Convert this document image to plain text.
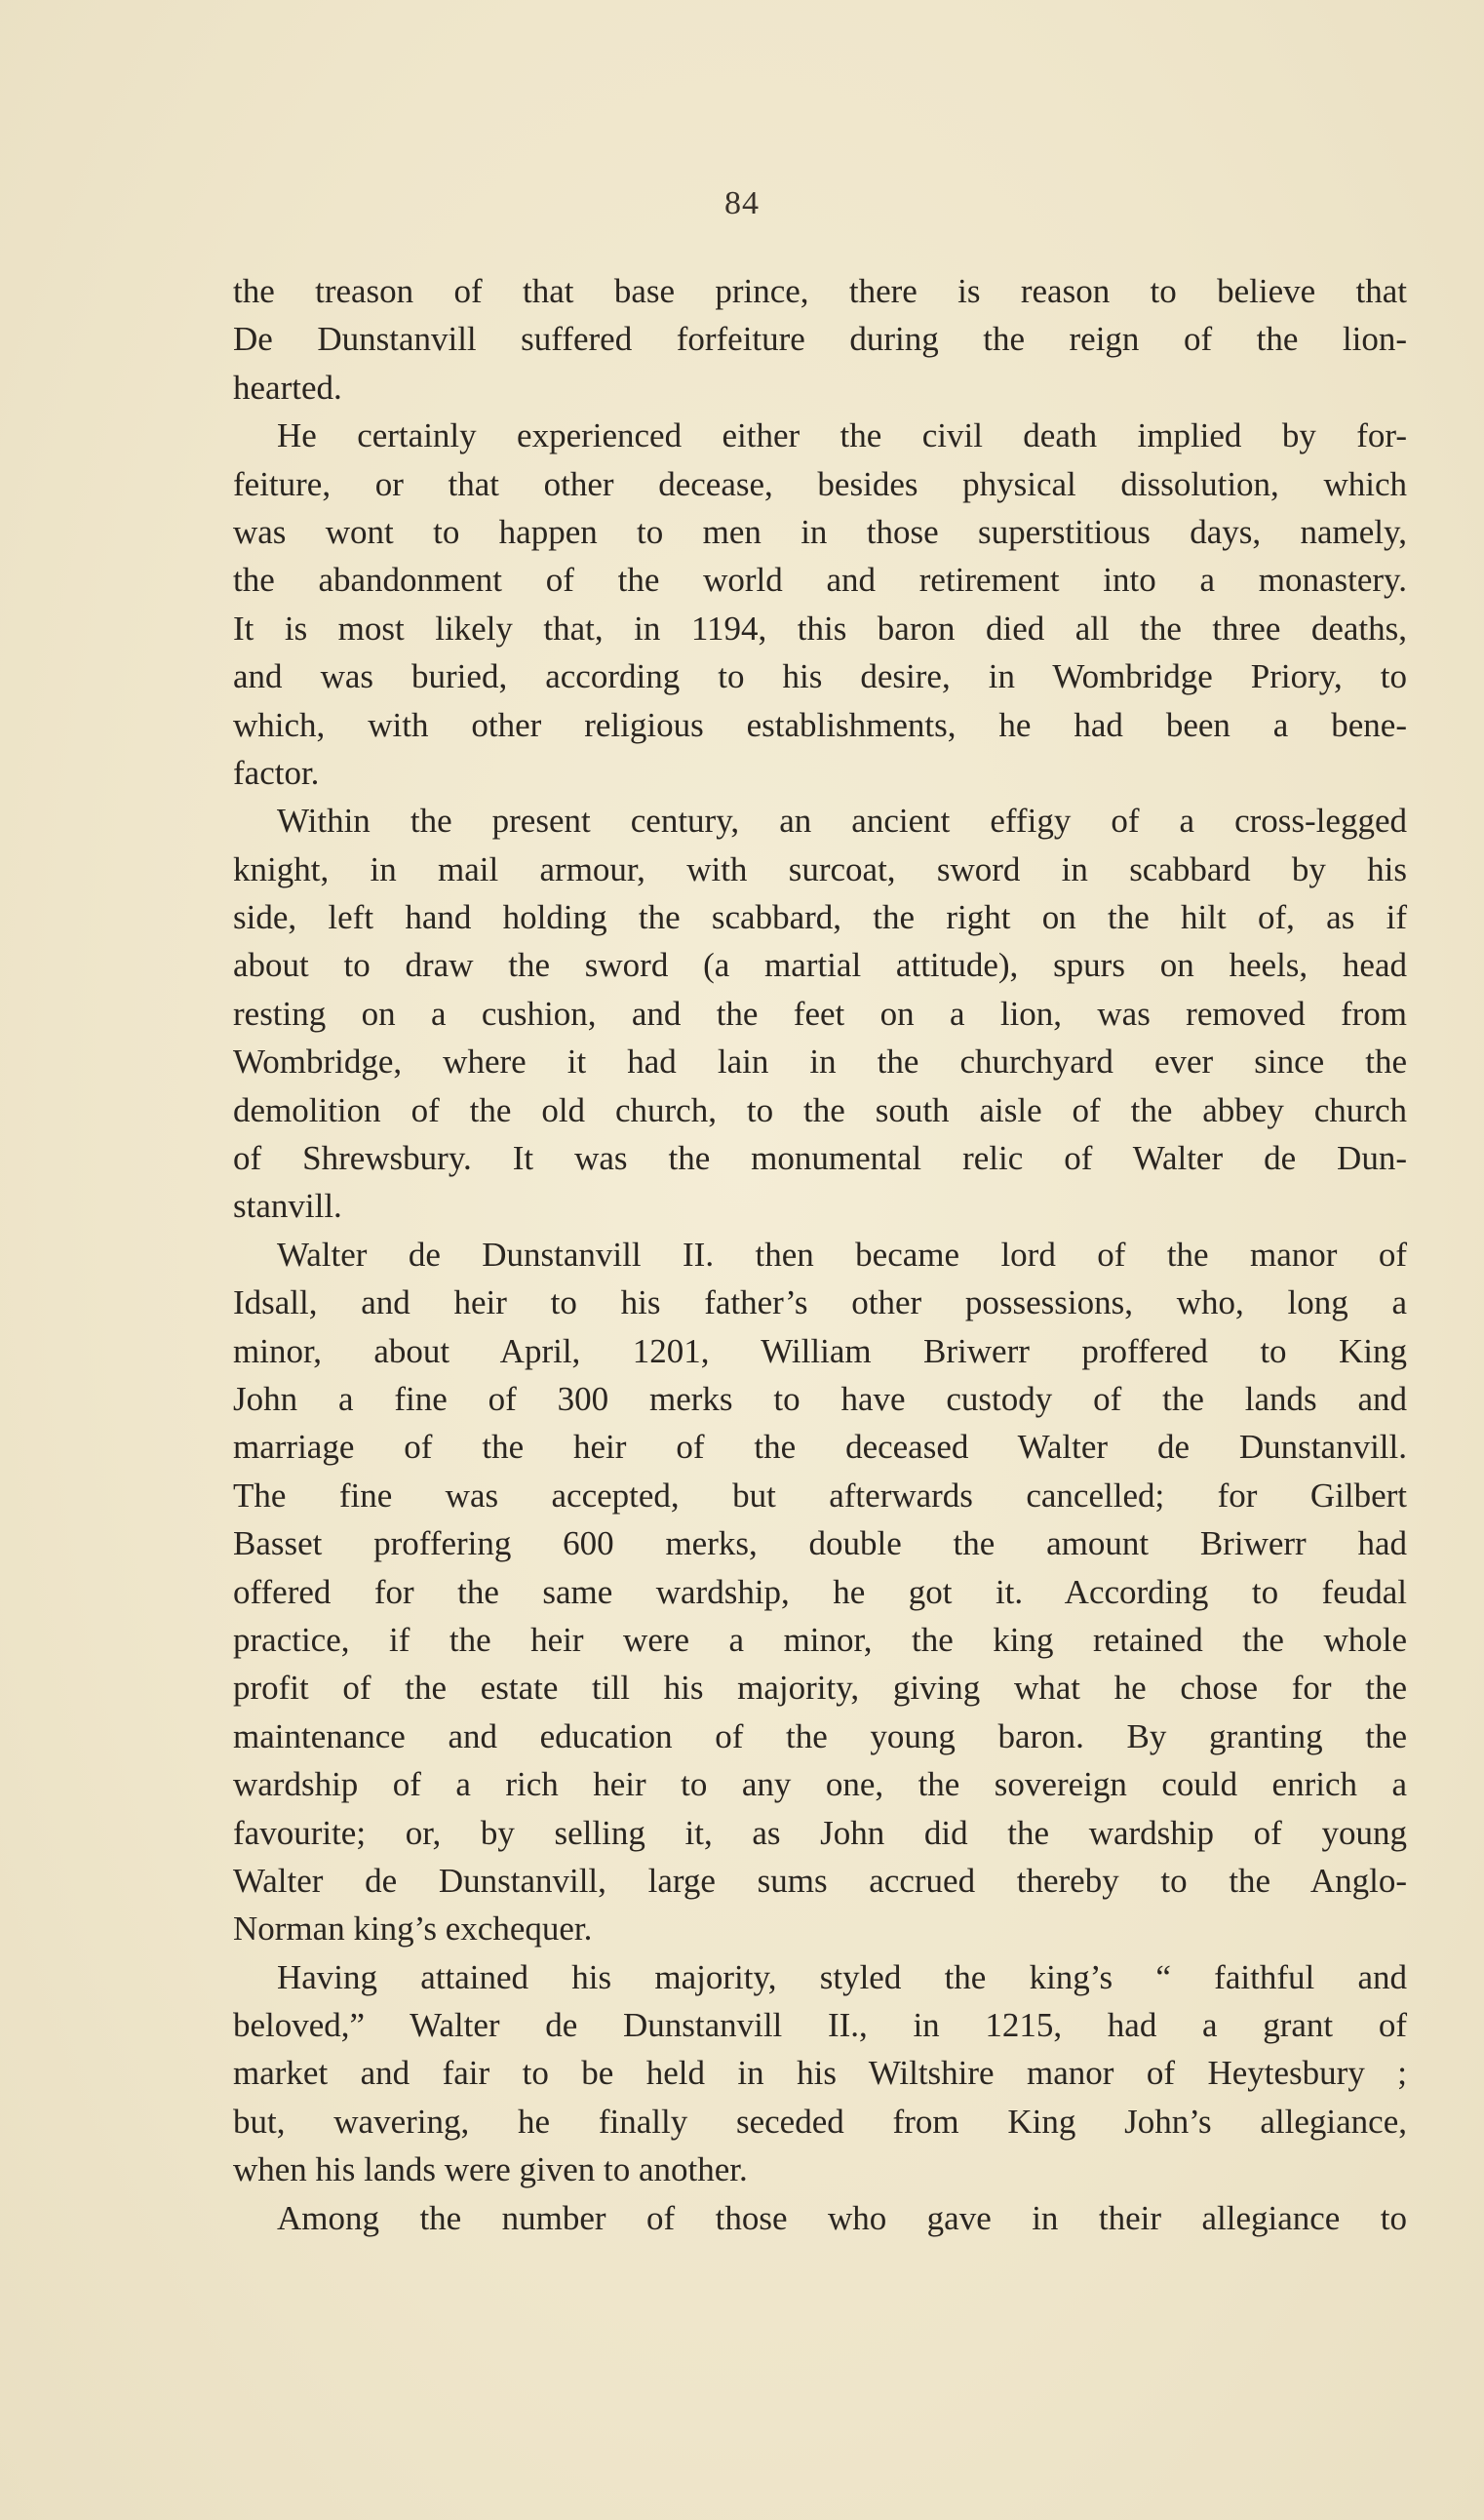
84
the treason of that base prince, there is reason to believe that
De Dunstanvill suffered forfeiture during the reign of the lion-
hearted.
He certainly experienced either the civil death implied by for-
feiture, or that other decease, besides physical dissolution, which
was wont to happen to men in those superstitious days, namely,
the abandonment of the world and retirement into a monastery.
It is most likely that, in 1194, this baron died all the three deaths,
and was buried, according to his desire, in Wombridge Priory, to
which, with other religious establishments, he had been a bene-
factor.
Within the present century, an ancient effigy of a cross-legged
knight, in mail armour, with surcoat, sword in scabbard by his
side, left hand holding the scabbard, the right on the hilt of, as if
about to draw the sword (a martial attitude), spurs on heels, head
resting on a cushion, and the feet on a lion, was removed from
Wombridge, where it had lain in the churchyard ever since the
demolition of the old church, to the south aisle of the abbey church
of Shrewsbury. It was the monumental relic of Walter de Dun-
stanvill.
Walter de Dunstanvill II. then became lord of the manor of
Idsall, and heir to his father’s other possessions, who, long a
minor, about April, 1201, William Briwerr proffered to King
John a fine of 300 merks to have custody of the lands and
marriage of the heir of the deceased Walter de Dunstanvill.
The fine was accepted, but afterwards cancelled; for Gilbert
Basset proffering 600 merks, double the amount Briwerr had
offered for the same wardship, he got it. According to feudal
practice, if the heir were a minor, the king retained the whole
profit of the estate till his majority, giving what he chose for the
maintenance and education of the young baron. By granting the
wardship of a rich heir to any one, the sovereign could enrich a
favourite; or, by selling it, as John did the wardship of young
Walter de Dunstanvill, large sums accrued thereby to the Anglo-
Norman king’s exchequer.
Having attained his majority, styled the king’s “ faithful and
beloved,” Walter de Dunstanvill II., in 1215, had a grant of
market and fair to be held in his Wiltshire manor of Heytesbury ;
but, wavering, he finally seceded from King John’s allegiance,
when his lands were given to another.
Among the number of those who gave in their allegiance to
